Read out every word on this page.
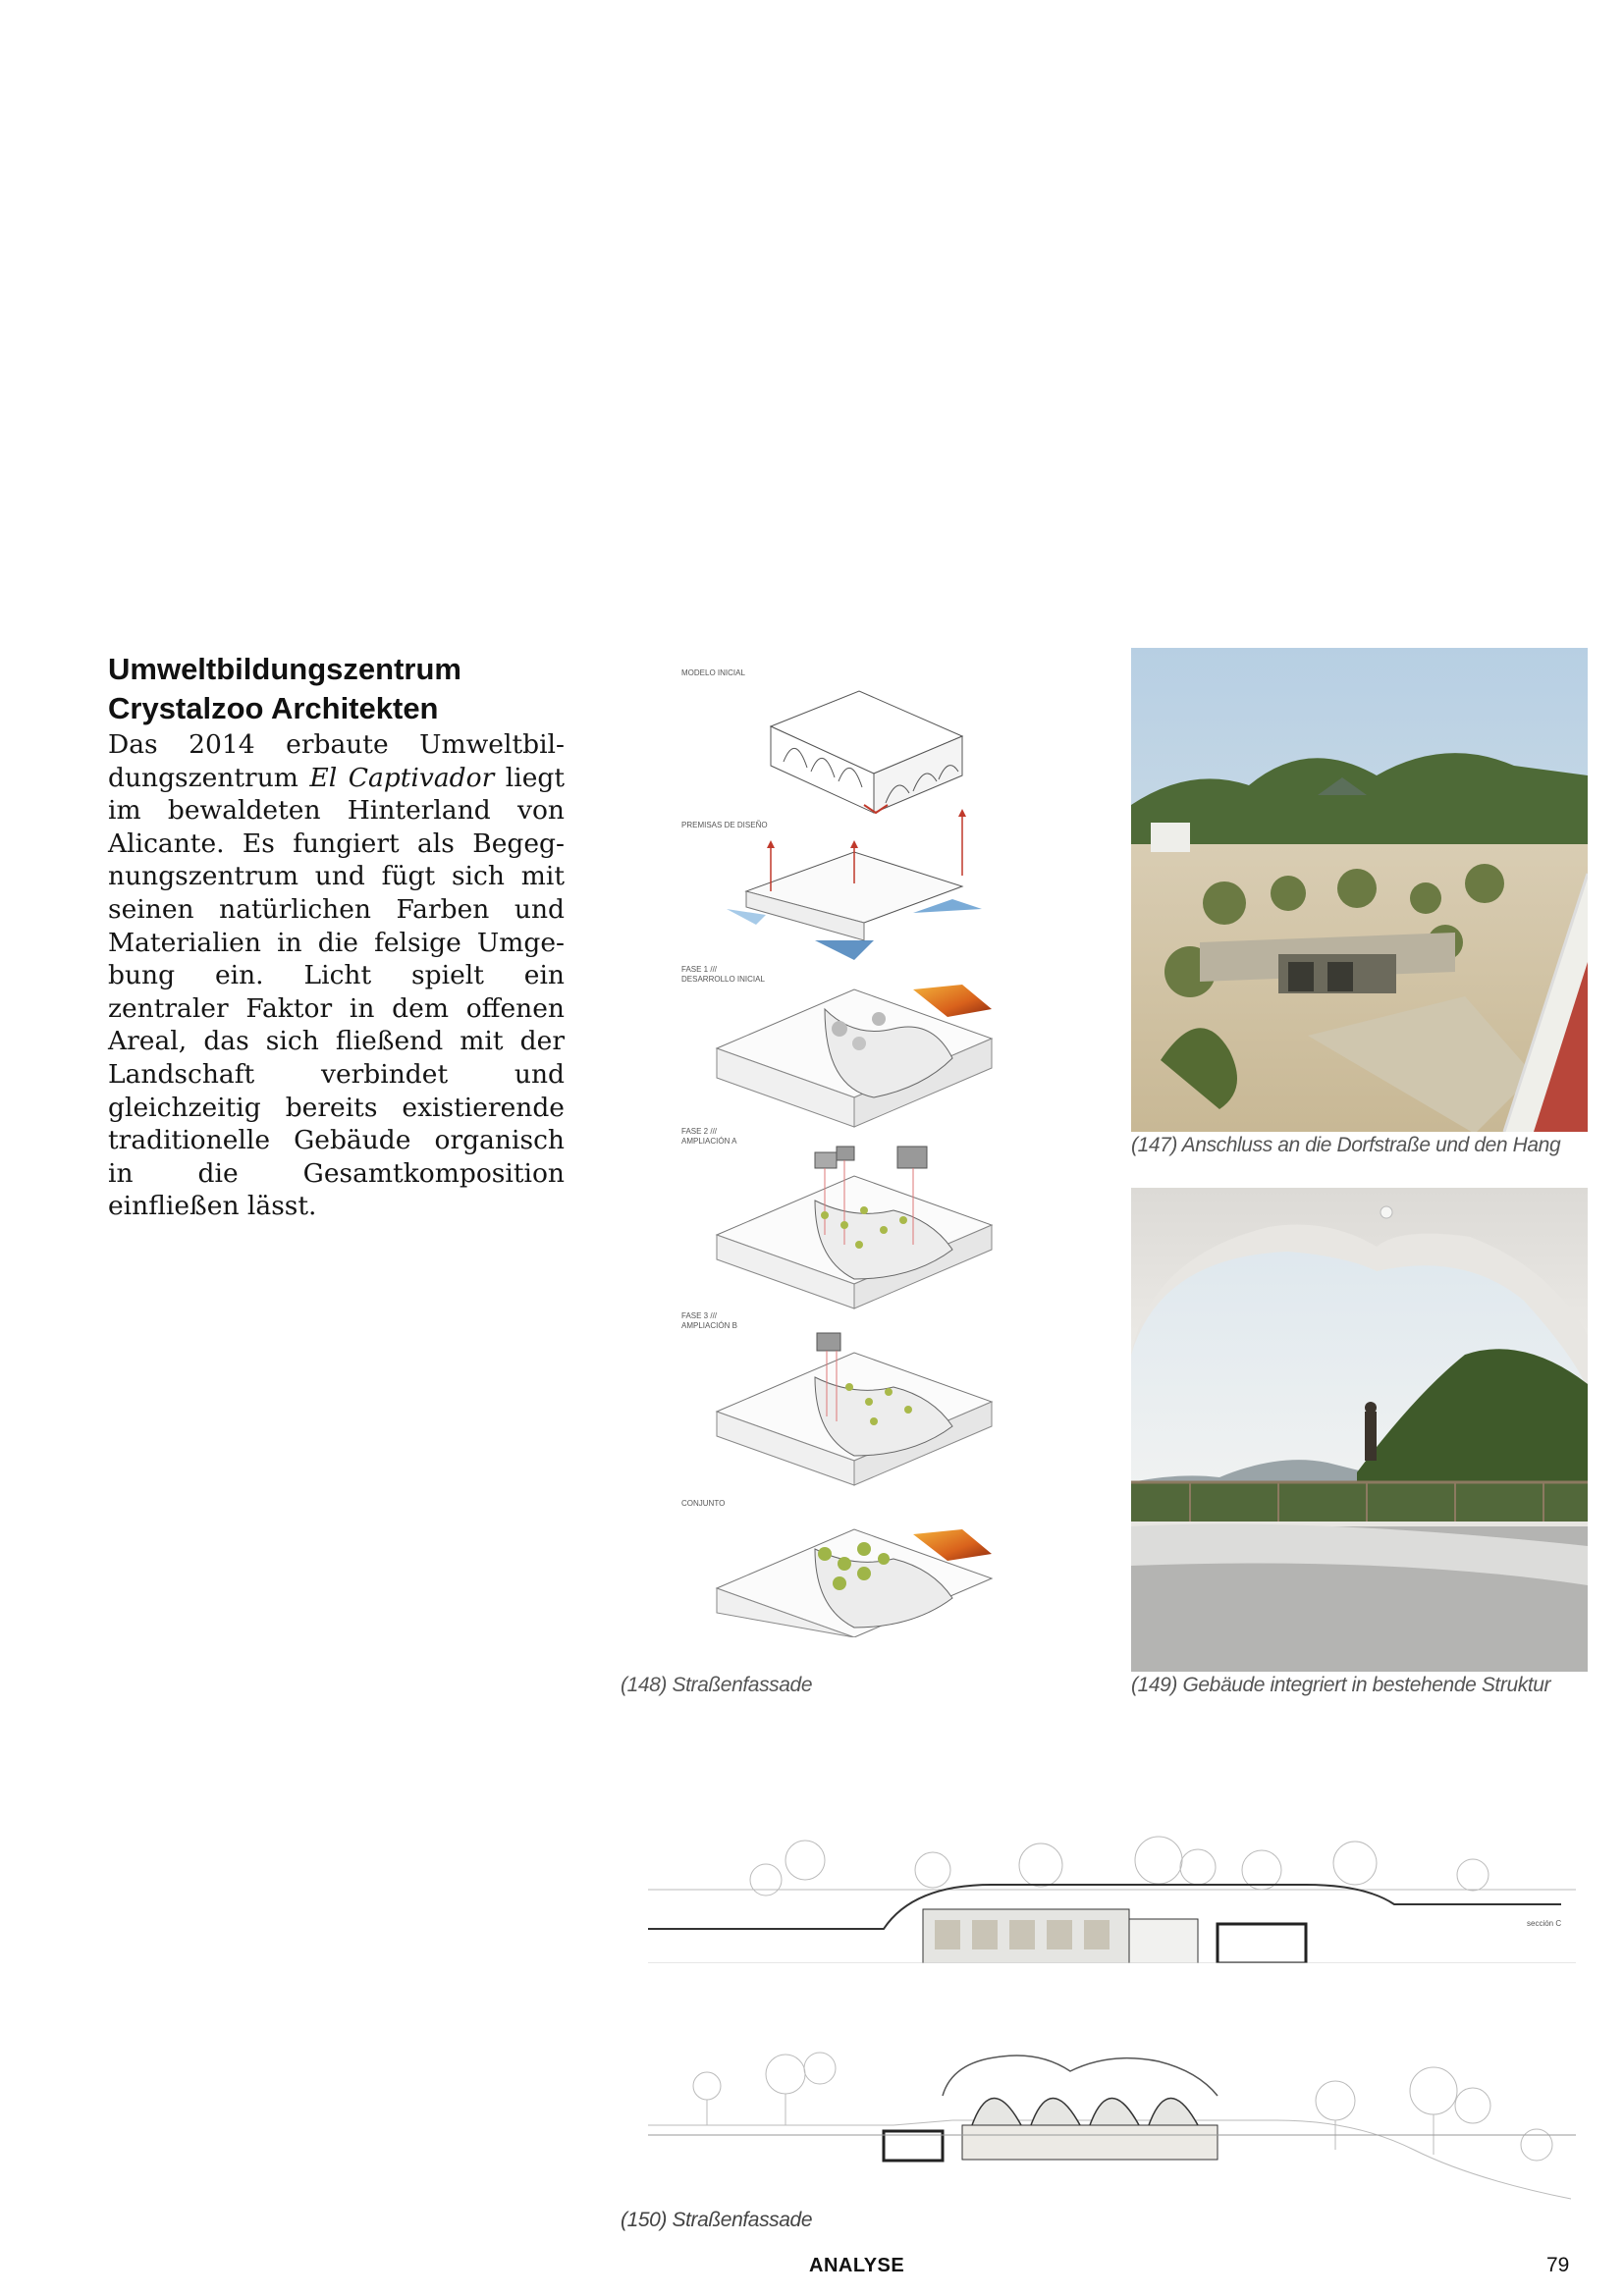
Umweltbildungszentrum
Crystalzoo Architekten
Das 2014 erbaute Umweltbildungszentrum El Captivador liegt im bewaldeten Hinterland von Alicante. Es fungiert als Begegnungszentrum und fügt sich mit seinen natürlichen Farben und Materialien in die felsige Umgebung ein. Licht spielt ein zentraler Faktor in dem offenen Areal, das sich fließend mit der Landschaft verbindet und gleichzeitig bereits existierende traditionelle Gebäude organisch in die Gesamtkomposition einfließen lässt.
MODELO INICIAL
PREMISAS DE DISEÑO
FASE 1 ///
DESARROLLO INICIAL
FASE 2 ///
AMPLIACIÓN A
FASE 3 ///
AMPLIACIÓN B
CONJUNTO
(147) Anschluss an die Dorfstraße und den Hang
(149) Gebäude integriert in bestehende Struktur
(148) Straßenfassade
sección C
(150) Straßenfassade
ANALYSE	79
